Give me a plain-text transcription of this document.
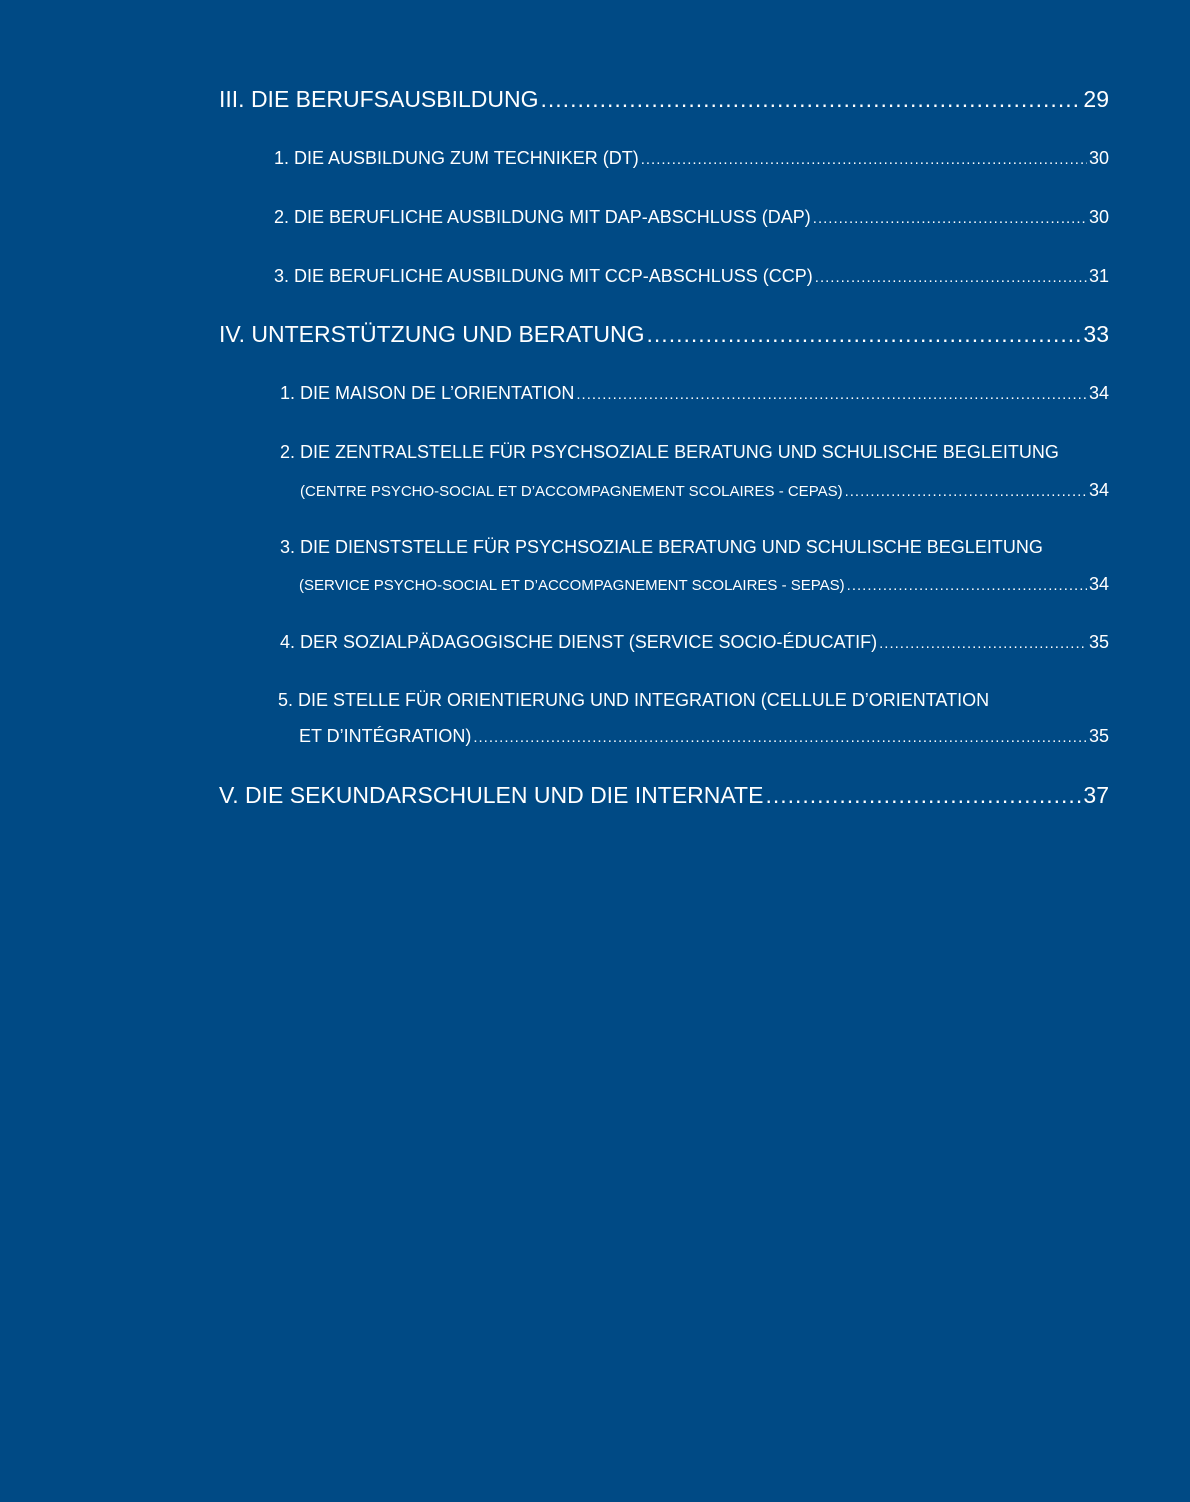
III. DIE BERUFSAUSBILDUNG .....	29
1. DIE AUSBILDUNG ZUM TECHNIKER (DT) .....	30
2. DIE BERUFLICHE AUSBILDUNG MIT DAP-ABSCHLUSS (DAP) .....	30
3. DIE BERUFLICHE AUSBILDUNG MIT CCP-ABSCHLUSS (CCP) .....	31
IV. UNTERSTÜTZUNG UND BERATUNG .....	33
1. DIE MAISON DE L’ORIENTATION .....	34
2. DIE ZENTRALSTELLE FÜR PSYCHSOZIALE BERATUNG UND SCHULISCHE BEGLEITUNG
(CENTRE PSYCHO-SOCIAL ET D’ACCOMPAGNEMENT SCOLAIRES - CEPAS) .....	34
3. DIE DIENSTSTELLE FÜR PSYCHSOZIALE BERATUNG UND SCHULISCHE BEGLEITUNG
(SERVICE PSYCHO-SOCIAL ET D’ACCOMPAGNEMENT SCOLAIRES - SEPAS) .....	34
4. DER SOZIALPÄDAGOGISCHE DIENST (SERVICE SOCIO-ÉDUCATIF) .....	35
5. DIE STELLE FÜR ORIENTIERUNG UND INTEGRATION (CELLULE D’ORIENTATION
ET D’INTÉGRATION) .....	35
V. DIE SEKUNDARSCHULEN UND DIE INTERNATE .....	37
